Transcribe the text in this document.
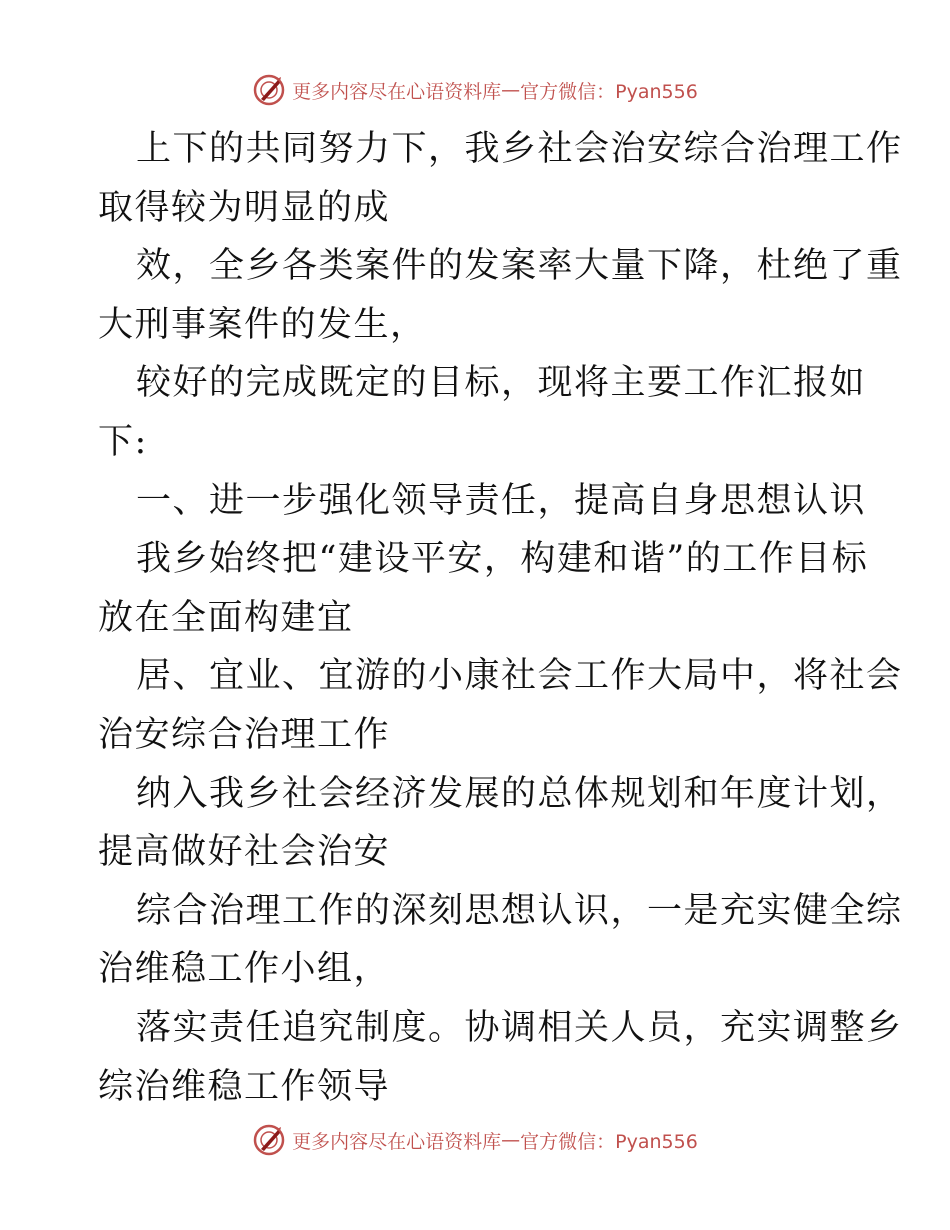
更多内容尽在心语资料库 — 官方微信：Pyan556
上下的共同努力下，我乡社会治安综合治理工作
取得较为明显的成
效，全乡各类案件的发案率大量下降，杜绝了重
大刑事案件的发生，
较好的完成既定的目标，现将主要工作汇报如
下:
一、进一步强化领导责任，提高自身思想认识
我乡始终把“建设平安，构建和谐”的工作目标
放在全面构建宜
居、宜业、宜游的小康社会工作大局中，将社会
治安综合治理工作
纳入我乡社会经济发展的总体规划和年度计划，
提高做好社会治安
综合治理工作的深刻思想认识，一是充实健全综
治维稳工作小组，
落实责任追究制度。协调相关人员，充实调整乡
综治维稳工作领导
更多内容尽在心语资料库 — 官方微信：Pyan556
